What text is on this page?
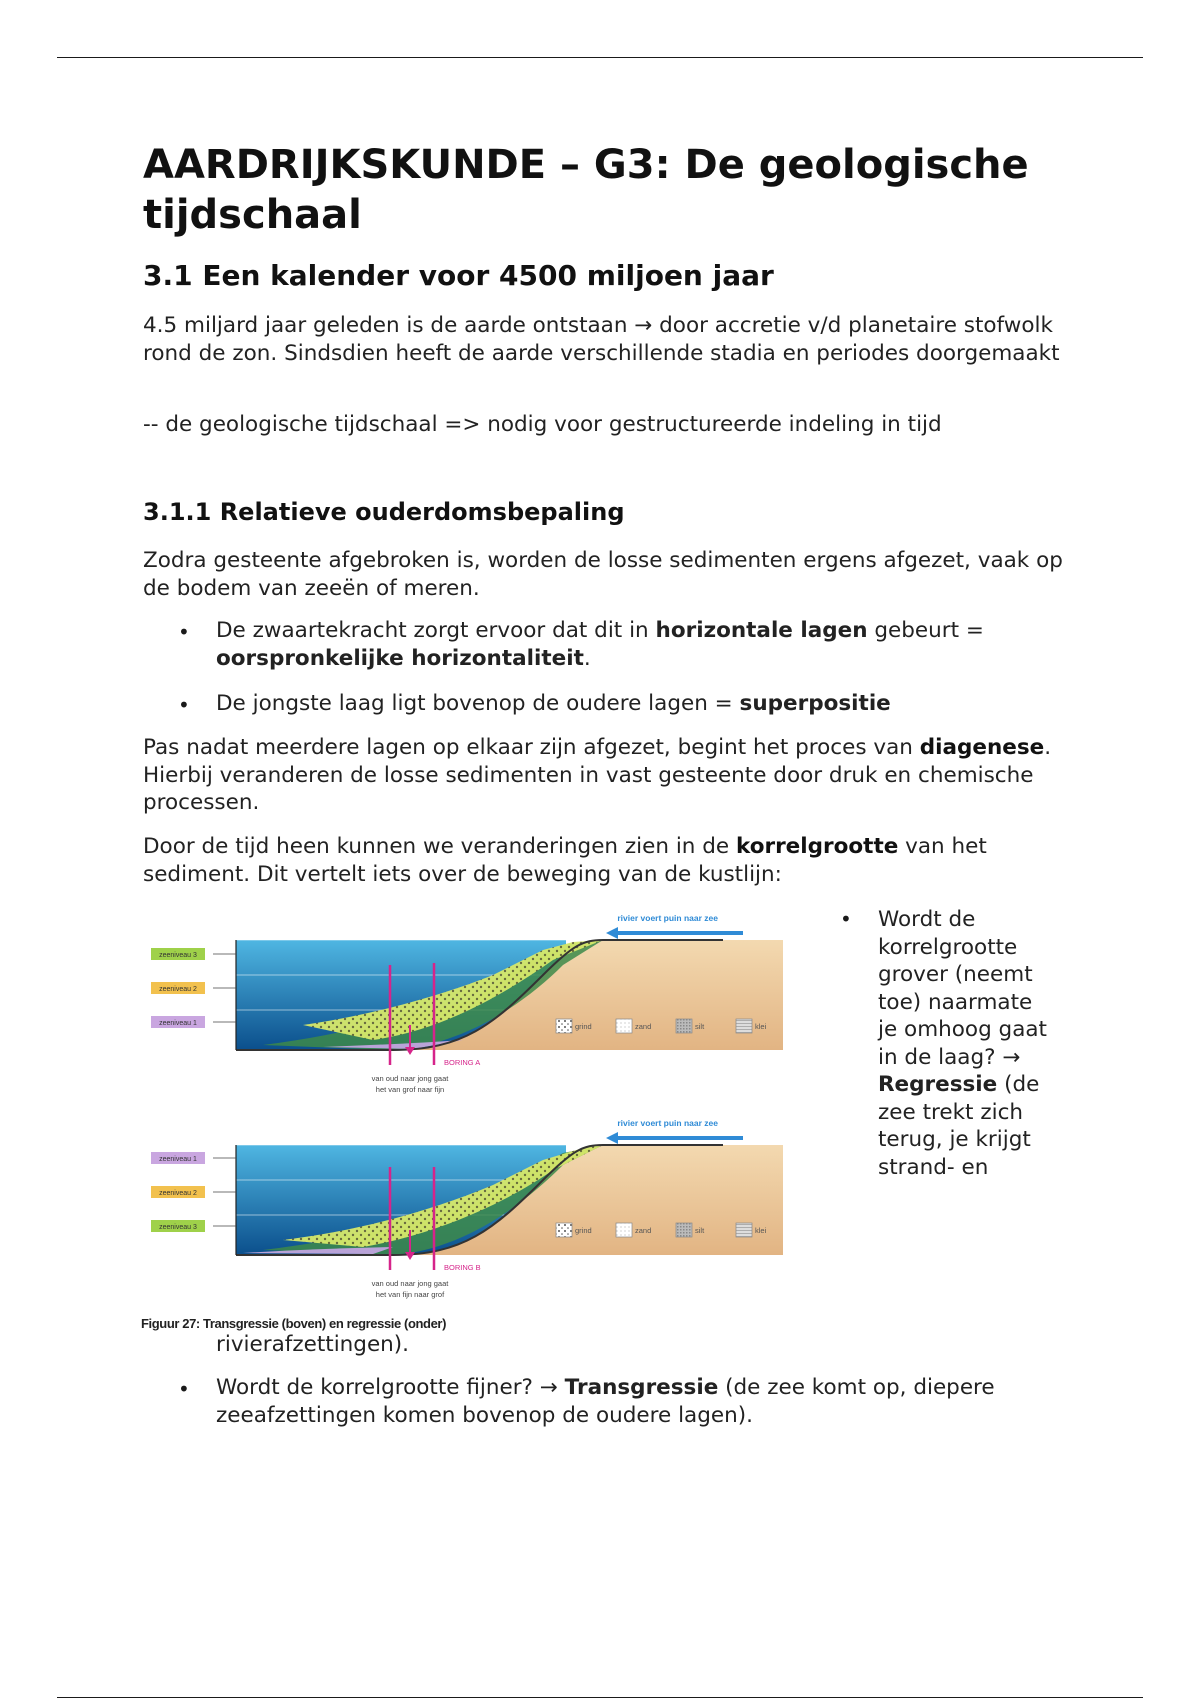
AARDRIJKSKUNDE – G3: De geologische tijdschaal
3.1 Een kalender voor 4500 miljoen jaar

4.5 miljard jaar geleden is de aarde ontstaan → door accretie v/d planetaire stofwolk rond de zon. Sindsdien heeft de aarde verschillende stadia en periodes doorgemaakt

-- de geologische tijdschaal => nodig voor gestructureerde indeling in tijd

3.1.1 Relatieve ouderdomsbepaling

Zodra gesteente afgebroken is, worden de losse sedimenten ergens afgezet, vaak op de bodem van zeeën of meren.

• De zwaartekracht zorgt ervoor dat dit in horizontale lagen gebeurt = oorspronkelijke horizontaliteit.

• De jongste laag ligt bovenop de oudere lagen = superpositie

Pas nadat meerdere lagen op elkaar zijn afgezet, begint het proces van diagenese. Hierbij veranderen de losse sedimenten in vast gesteente door druk en chemische processen.

Door de tijd heen kunnen we veranderingen zien in de korrelgrootte van het sediment. Dit vertelt iets over de beweging van de kustlijn:

rivier voert puin naar zee
zeeniveau 3
zeeniveau 2
zeeniveau 1
BORING A
van oud naar jong gaat
het van grof naar fijn
grind	zand	silt	klei
rivier voert puin naar zee
zeeniveau 1
zeeniveau 2
zeeniveau 3
BORING B
van oud naar jong gaat
het van fijn naar grof
grind	zand	silt	klei

Figuur 27: Transgressie (boven) en regressie (onder)

• Wordt de korrelgrootte grover (neemt toe) naarmate je omhoog gaat in de laag? → Regressie (de zee trekt zich terug, je krijgt strand- en

rivierafzettingen).

• Wordt de korrelgrootte fijner? → Transgressie (de zee komt op, diepere zeeafzettingen komen bovenop de oudere lagen).
